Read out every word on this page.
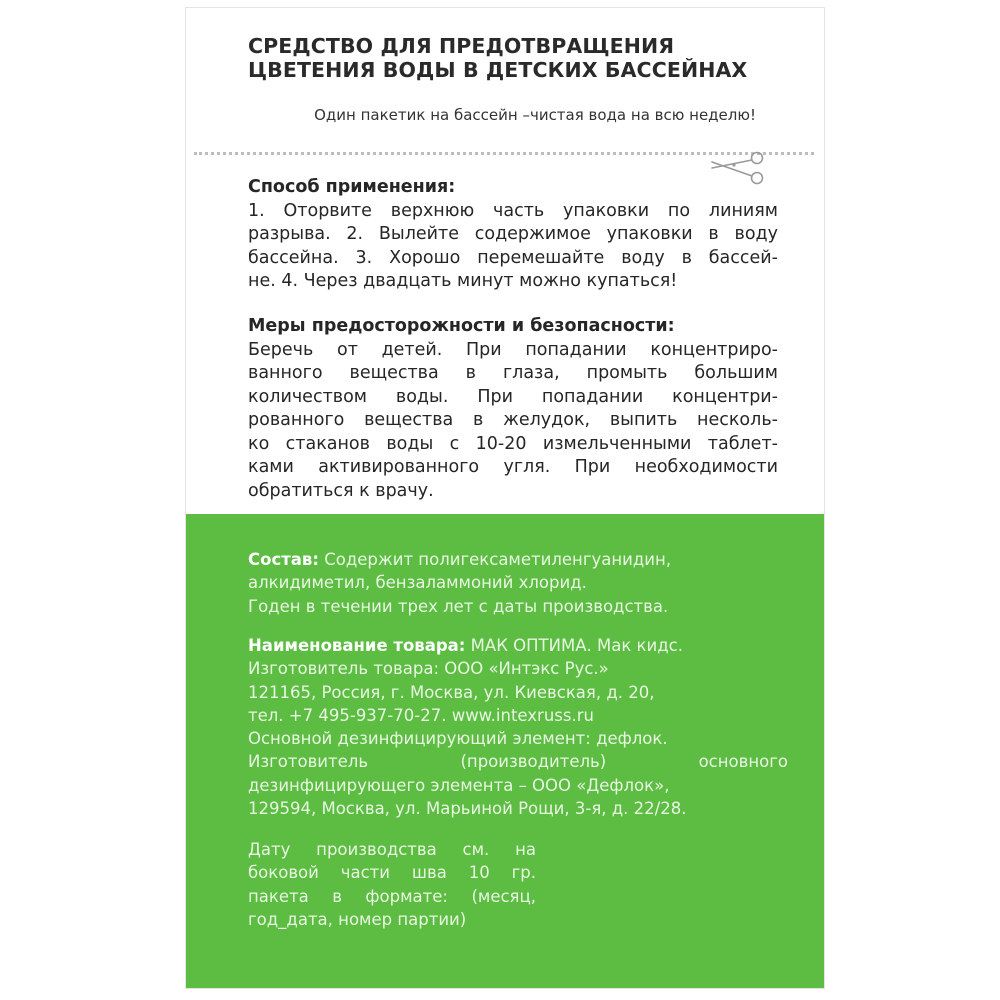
СРЕДСТВО ДЛЯ ПРЕДОТВРАЩЕНИЯ
ЦВЕТЕНИЯ ВОДЫ В ДЕТСКИХ БАССЕЙНАХ
Один пакетик на бассейн –чистая вода на всю неделю!
Способ применения:
1. Оторвите верхнюю часть упаковки по линиям
разрыва. 2. Вылейте содержимое упаковки в воду
бассейна. 3. Хорошо перемешайте воду в бассей-
не. 4. Через двадцать минут можно купаться!
Меры предосторожности и безопасности:
Беречь от детей. При попадании концентриро-
ванного вещества в глаза, промыть большим
количеством воды. При попадании концентри-
рованного вещества в желудок, выпить несколь-
ко стаканов воды с 10-20 измельченными таблет-
ками активированного угля. При необходимости
обратиться к врачу.
Состав: Содержит полигексаметиленгуанидин,
алкидиметил, бензаламмоний хлорид.
Годен в течении трех лет с даты производства.
Наименование товара: МАК ОПТИМА. Мак кидс.
Изготовитель товара: ООО «Интэкс Рус.»
121165, Россия, г. Москва, ул. Киевская, д. 20,
тел. +7 495-937-70-27. www.intexruss.ru
Основной дезинфицирующий элемент: дефлок.
Изготовитель	(производитель)	основного
дезинфицирующего элемента – ООО «Дефлок»,
129594, Москва, ул. Марьиной Рощи, 3-я, д. 22/28.
Дату производства см. на
боковой части шва 10 гр.
пакета в формате: (месяц,
год_дата, номер партии)
